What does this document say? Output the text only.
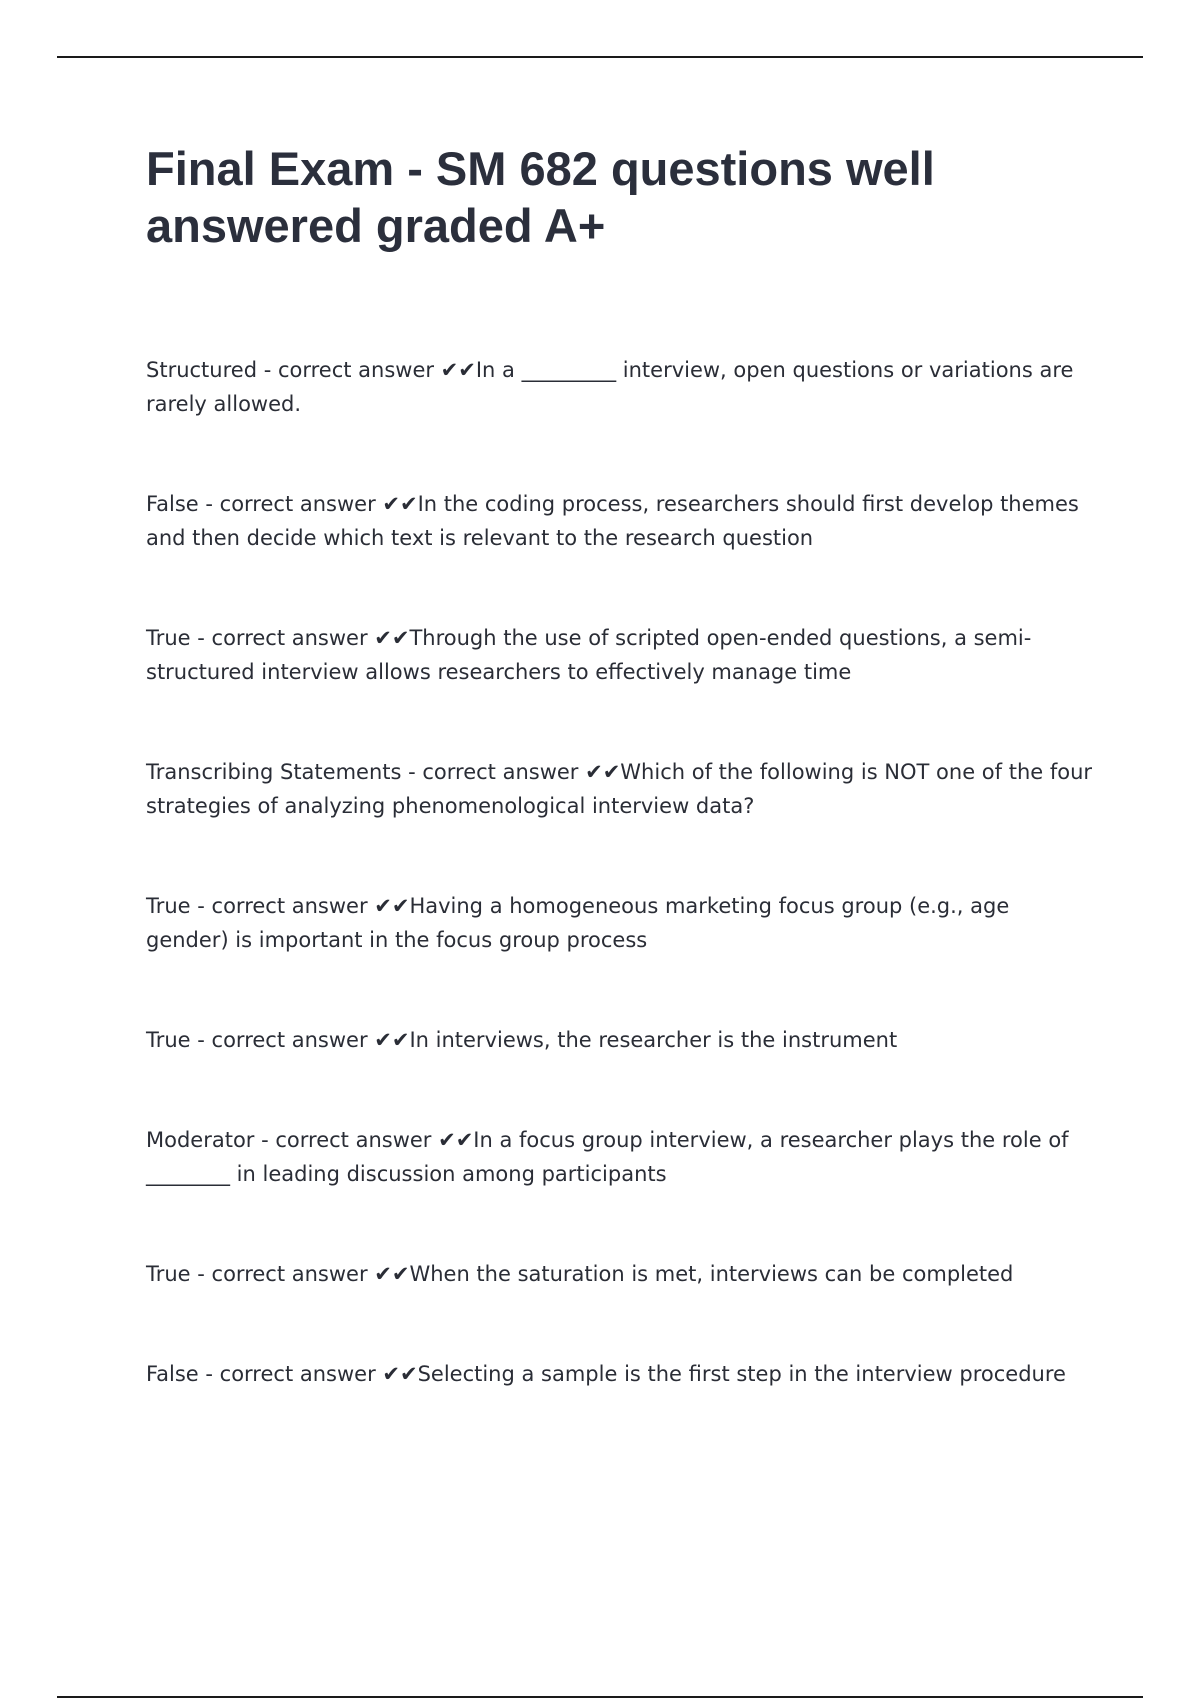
Final Exam - SM 682 questions well answered graded A+

Structured - correct answer ✔✔In a _________ interview, open questions or variations are rarely allowed.

False - correct answer ✔✔In the coding process, researchers should first develop themes and then decide which text is relevant to the research question

True - correct answer ✔✔Through the use of scripted open-ended questions, a semi-structured interview allows researchers to effectively manage time

Transcribing Statements - correct answer ✔✔Which of the following is NOT one of the four strategies of analyzing phenomenological interview data?

True - correct answer ✔✔Having a homogeneous marketing focus group (e.g., age gender) is important in the focus group process

True - correct answer ✔✔In interviews, the researcher is the instrument

Moderator - correct answer ✔✔In a focus group interview, a researcher plays the role of ________ in leading discussion among participants

True - correct answer ✔✔When the saturation is met, interviews can be completed

False - correct answer ✔✔Selecting a sample is the first step in the interview procedure
